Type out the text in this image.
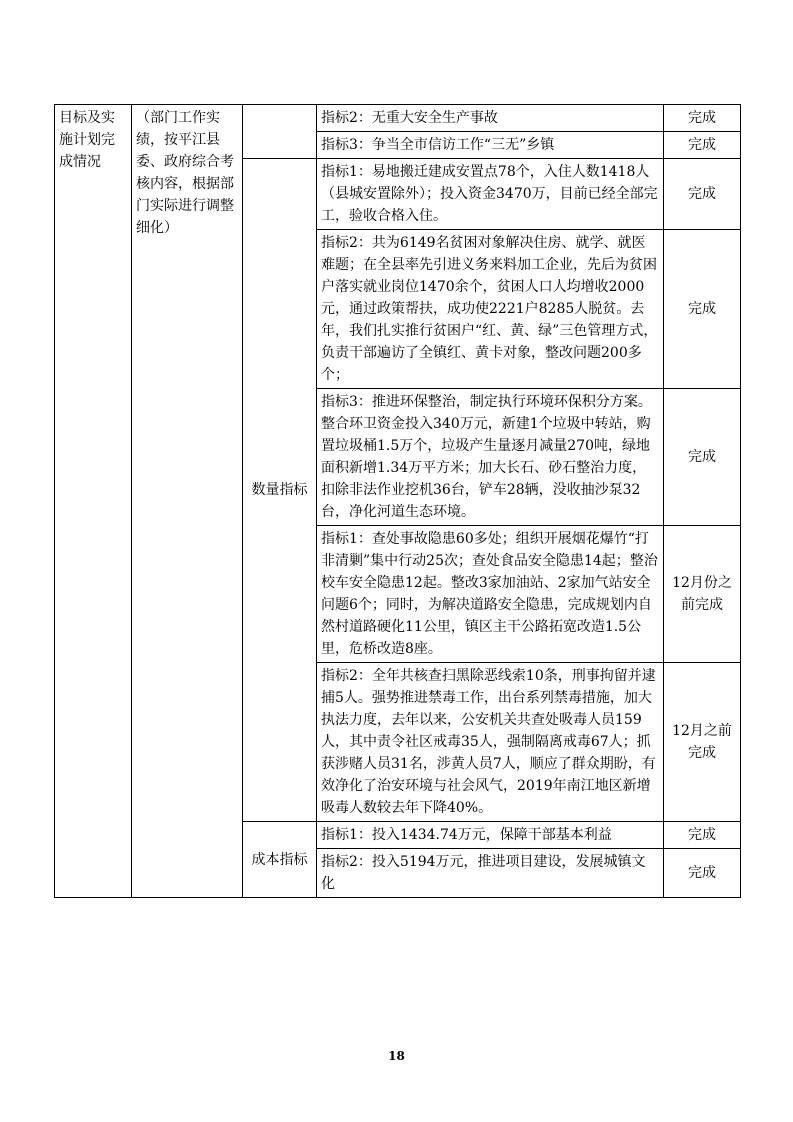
目标及实施计划完成情况	（部门工作实绩，按平江县委、政府综合考核内容，根据部门实际进行调整细化）		指标2：无重大安全生产事故	完成
			指标3：争当全市信访工作“三无”乡镇	完成
		数量指标	指标1：易地搬迁建成安置点78个，入住人数1418人（县城安置除外）；投入资金3470万，目前已经全部完工，验收合格入住。	完成
			指标2：共为6149名贫困对象解决住房、就学、就医难题；在全县率先引进义务来料加工企业，先后为贫困户落实就业岗位1470余个，贫困人口人均增收2000元，通过政策帮扶，成功使2221户8285人脱贫。去年，我们扎实推行贫困户“红、黄、绿”三色管理方式，负责干部遍访了全镇红、黄卡对象，整改问题200多个；	完成
			指标3：推进环保整治，制定执行环境环保积分方案。整合环卫资金投入340万元，新建1个垃圾中转站，购置垃圾桶1.5万个，垃圾产生量逐月减量270吨，绿地面积新增1.34万平方米；加大长石、砂石整治力度，扣除非法作业挖机36台，铲车28辆，没收抽沙泵32台，净化河道生态环境。	完成
			指标1：查处事故隐患60多处；组织开展烟花爆竹“打非清剿”集中行动25次；查处食品安全隐患14起；整治校车安全隐患12起。整改3家加油站、2家加气站安全问题6个；同时，为解决道路安全隐患，完成规划内自然村道路硬化11公里，镇区主干公路拓宽改造1.5公里，危桥改造8座。	12月份之前完成
			指标2：全年共核查扫黑除恶线索10条，刑事拘留并逮捕5人。强势推进禁毒工作，出台系列禁毒措施，加大执法力度，去年以来，公安机关共查处吸毒人员159人，其中责令社区戒毒35人，强制隔离戒毒67人；抓获涉赌人员31名，涉黄人员7人，顺应了群众期盼，有效净化了治安环境与社会风气，2019年南江地区新增吸毒人数较去年下降40%。	12月之前完成
		成本指标	指标1：投入1434.74万元，保障干部基本利益	完成
			指标2：投入5194万元，推进项目建设，发展城镇文化	完成
18
